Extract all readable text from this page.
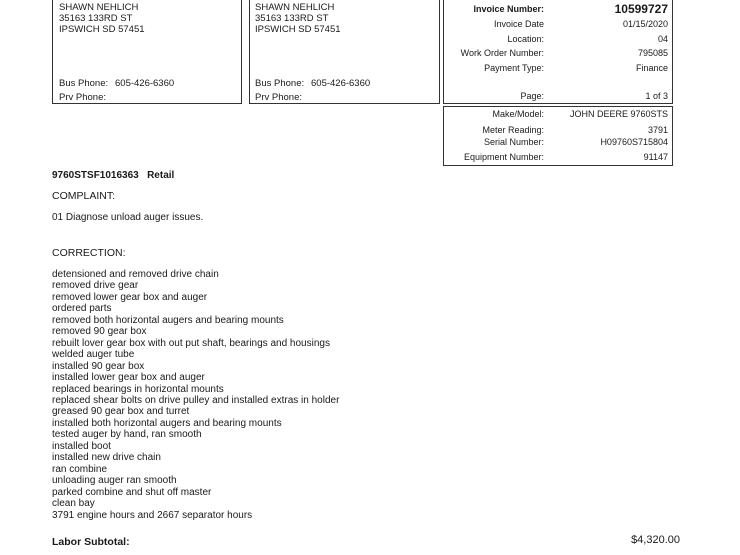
SHAWN NEHLICH
35163 133RD ST
IPSWICH SD 57451
Bus Phone: 605-426-6360
Prv Phone:
SHAWN NEHLICH
35163 133RD ST
IPSWICH SD 57451
Bus Phone: 605-426-6360
Prv Phone:
Invoice Number:	10599727
Invoice Date	01/15/2020
Location:	04
Work Order Number:	795085
Payment Type:	Finance
Page:	1 of 3
Make/Model:	JOHN DEERE 9760STS
Meter Reading:	3791
Serial Number:	H09760S715804
Equipment Number:	91147
9760STSF1016363 Retail
COMPLAINT:
01 Diagnose unload auger issues.
CORRECTION:
detensioned and removed drive chain
removed drive gear
removed lower gear box and auger
ordered parts
removed both horizontal augers and bearing mounts
removed 90 gear box
rebuilt lover gear box with out put shaft, bearings and housings
welded auger tube
installed 90 gear box
installed lower gear box and auger
replaced bearings in horizontal mounts
replaced shear bolts on drive pulley and installed extras in holder
greased 90 gear box and turret
installed both horizontal augers and bearing mounts
tested auger by hand, ran smooth
installed boot
installed new drive chain
ran combine
unloading auger ran smooth
parked combine and shut off master
clean bay
3791 engine hours and 2667 separator hours
Labor Subtotal:	$4,320.00
